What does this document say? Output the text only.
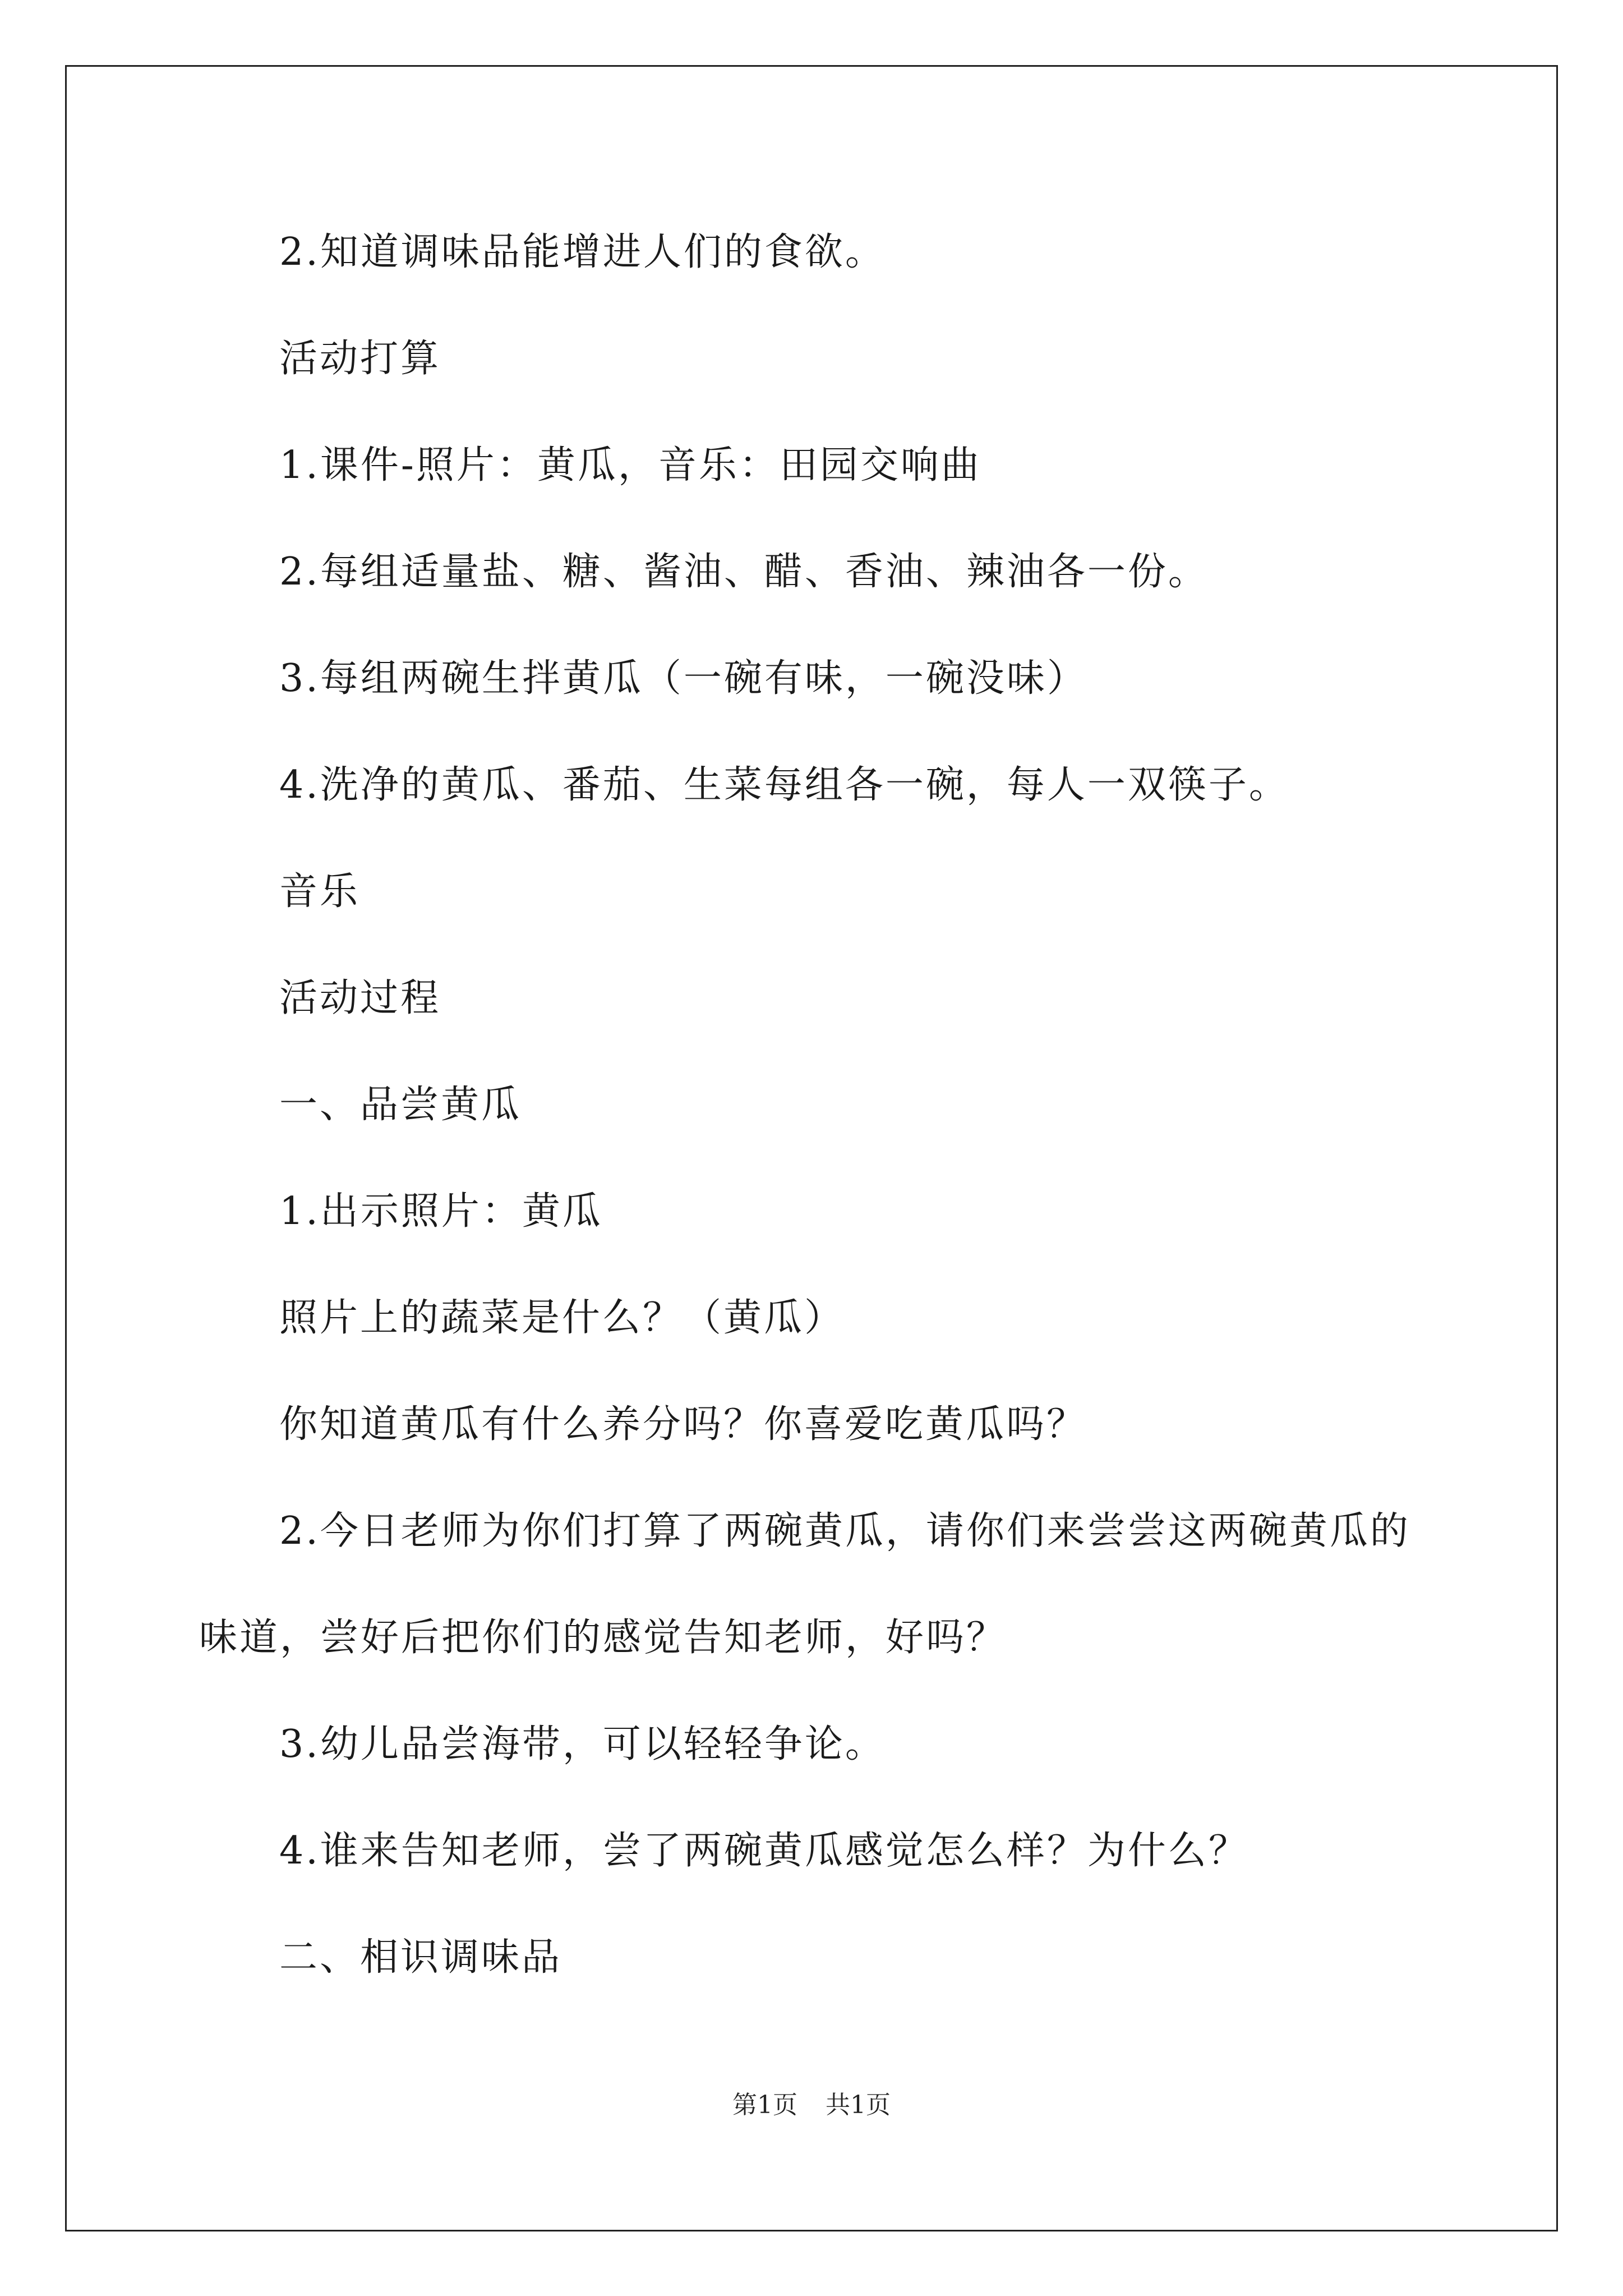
2.知道调味品能增进人们的食欲。
活动打算
1.课件-照片：黄瓜，音乐：田园交响曲
2.每组适量盐、糖、酱油、醋、香油、辣油各一份。
3.每组两碗生拌黄瓜（一碗有味，一碗没味）
4.洗净的黄瓜、番茄、生菜每组各一碗，每人一双筷子。
音乐
活动过程
一、品尝黄瓜
1.出示照片：黄瓜
照片上的蔬菜是什么？（黄瓜）
你知道黄瓜有什么养分吗？你喜爱吃黄瓜吗？
2.今日老师为你们打算了两碗黄瓜，请你们来尝尝这两碗黄瓜的
味道，尝好后把你们的感觉告知老师，好吗？
3.幼儿品尝海带，可以轻轻争论。
4.谁来告知老师，尝了两碗黄瓜感觉怎么样？为什么？
二、相识调味品
第1页 共1页
